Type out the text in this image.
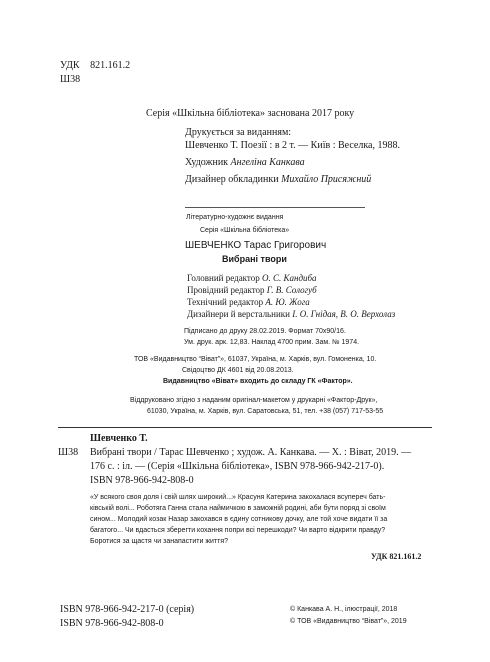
УДК 821.161.2
Ш38
Серія «Шкільна бібліотека» заснована 2017 року
Друкується за виданням:
Шевченко Т. Поезії : в 2 т. — Київ : Веселка, 1988.
Художник Ангеліна Канкава
Дизайнер обкладинки Михайло Присяжний
Літературно-художнє видання
Серія «Шкільна бібліотека»
ШЕВЧЕНКО Тарас Григорович
Вибрані твори
Головний редактор О. С. Кандиба
Провідний редактор Г. В. Сологуб
Технічний редактор А. Ю. Жога
Дизайнери й верстальники І. О. Гнідая, В. О. Верхолаз
Підписано до друку 28.02.2019. Формат 70х90/16.
Ум. друк. арк. 12,83. Наклад 4700 прим. Зам. № 1974.
ТОВ «Видавництво “Віват”», 61037, Україна, м. Харків, вул. Гомоненка, 10.
Свідоцтво ДК 4601 від 20.08.2013.
Видавництво «Віват» входить до складу ГК «Фактор».
Віддруковано згідно з наданим оригінал-макетом у друкарні «Фактор-Друк»,
61030, Україна, м. Харків, вул. Саратовська, 51, тел. +38 (057) 717-53-55
Шевченко Т.
Ш38 Вибрані твори / Тарас Шевченко ; худож. А. Канкава. — Х. : Віват, 2019. —
176 с. : іл. — (Серія «Шкільна бібліотека», ISBN 978-966-942-217-0).
ISBN 978-966-942-808-0
«У всякого своя доля і свій шлях широкий...» Красуня Катерина закохалася всупереч бать-
ківській волі... Роботяга Ганна стала наймичкою в заможній родині, аби бути поряд зі своїм
сином... Молодий козак Назар закохався в єдину сотникову дочку, але той хоче видати її за
багатого... Чи вдасться зберегти кохання попри всі перешкоди? Чи варто відкрити правду?
Боротися за щастя чи занапастити життя?
УДК 821.161.2
ISBN 978-966-942-217-0 (серія)
ISBN 978-966-942-808-0
© Канкава А. Н., ілюстрації, 2018
© ТОВ «Видавництво “Віват”», 2019
